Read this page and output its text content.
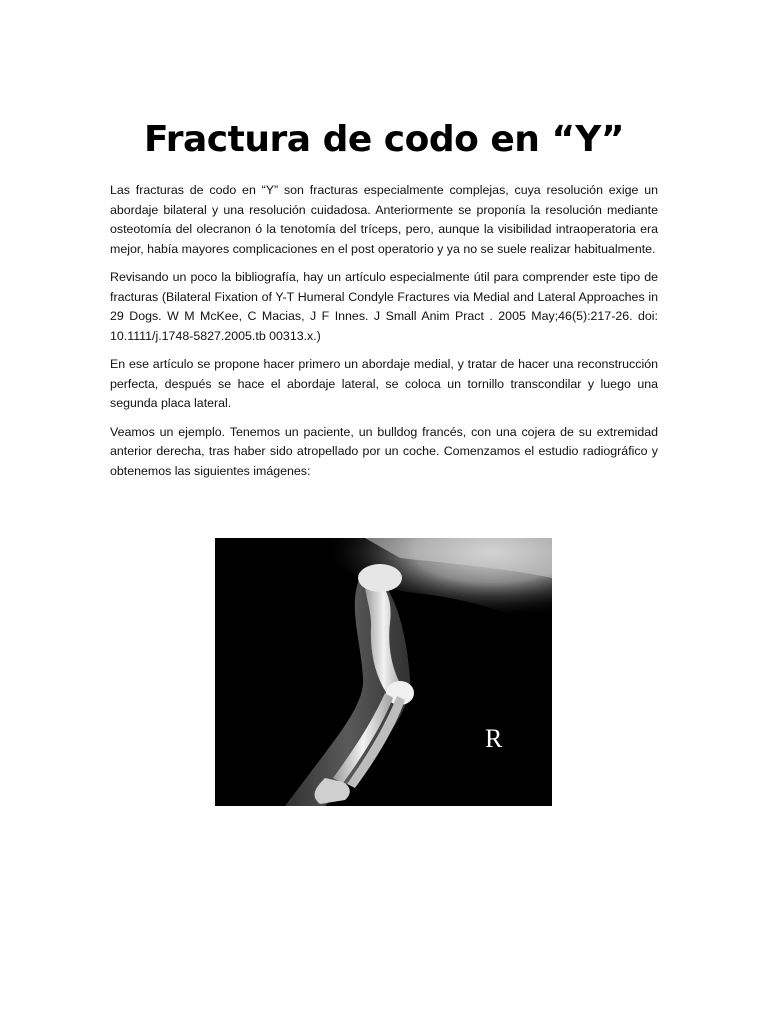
Fractura de codo en “Y”

Las fracturas de codo en “Y” son fracturas especialmente complejas, cuya resolución exige un abordaje bilateral y una resolución cuidadosa. Anteriormente se proponía la resolución mediante osteotomía del olecranon ó la tenotomía del tríceps, pero, aunque la visibilidad intraoperatoria era mejor, había mayores complicaciones en el post operatorio y ya no se suele realizar habitualmente.

Revisando un poco la bibliografía, hay un artículo especialmente útil para comprender este tipo de fracturas (Bilateral Fixation of Y-T Humeral Condyle Fractures via Medial and Lateral Approaches in 29 Dogs. W M McKee, C Macias, J F Innes. J Small Anim Pract . 2005 May;46(5):217-26. doi: 10.1111/j.1748-5827.2005.tb 00313.x.)

En ese artículo se propone hacer primero un abordaje medial, y tratar de hacer una reconstrucción perfecta, después se hace el abordaje lateral, se coloca un tornillo transcondilar y luego una segunda placa lateral.

Veamos un ejemplo. Tenemos un paciente, un bulldog francés, con una cojera de su extremidad anterior derecha, tras haber sido atropellado por un coche. Comenzamos el estudio radiográfico y obtenemos las siguientes imágenes:

R
